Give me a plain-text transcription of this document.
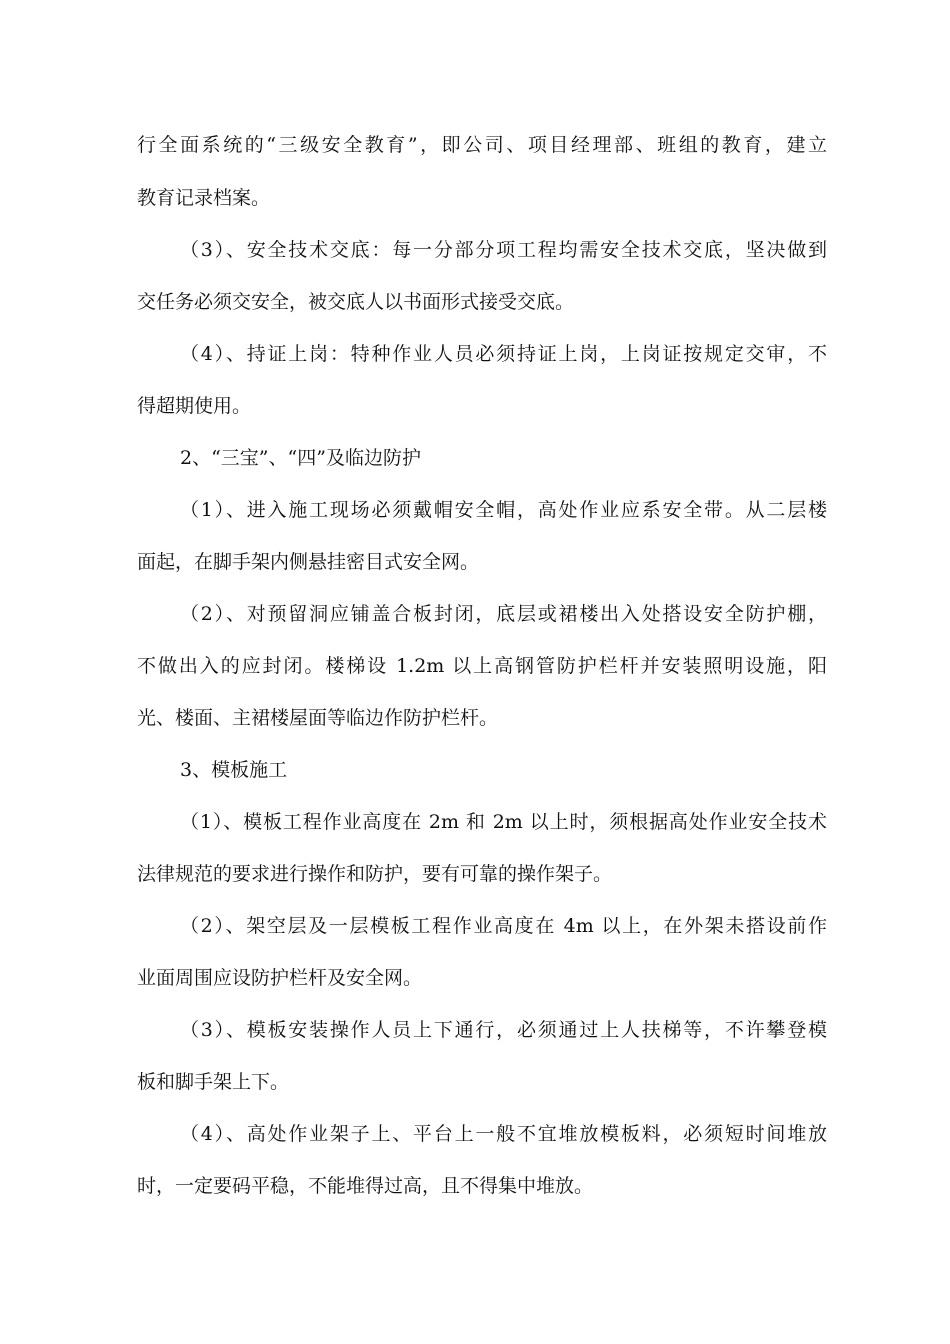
行全面系统的“三级安全教育”，即公司、项目经理部、班组的教育，建立
教育记录档案。
（3）、安全技术交底：每一分部分项工程均需安全技术交底，坚决做到
交任务必须交安全，被交底人以书面形式接受交底。
（4）、持证上岗：特种作业人员必须持证上岗，上岗证按规定交审，不
得超期使用。
2、“三宝”、“四”及临边防护
（1）、进入施工现场必须戴帽安全帽，高处作业应系安全带。从二层楼
面起，在脚手架内侧悬挂密目式安全网。
（2）、对预留洞应铺盖合板封闭，底层或裙楼出入处搭设安全防护棚，
不做出入的应封闭。楼梯设 1.2m 以上高钢管防护栏杆并安装照明设施，阳
光、楼面、主裙楼屋面等临边作防护栏杆。
3、模板施工
（1）、模板工程作业高度在 2m 和 2m 以上时，须根据高处作业安全技术
法律规范的要求进行操作和防护，要有可靠的操作架子。
（2）、架空层及一层模板工程作业高度在 4m 以上，在外架未搭设前作
业面周围应设防护栏杆及安全网。
（3）、模板安装操作人员上下通行，必须通过上人扶梯等，不许攀登模
板和脚手架上下。
（4）、高处作业架子上、平台上一般不宜堆放模板料，必须短时间堆放
时，一定要码平稳，不能堆得过高，且不得集中堆放。
